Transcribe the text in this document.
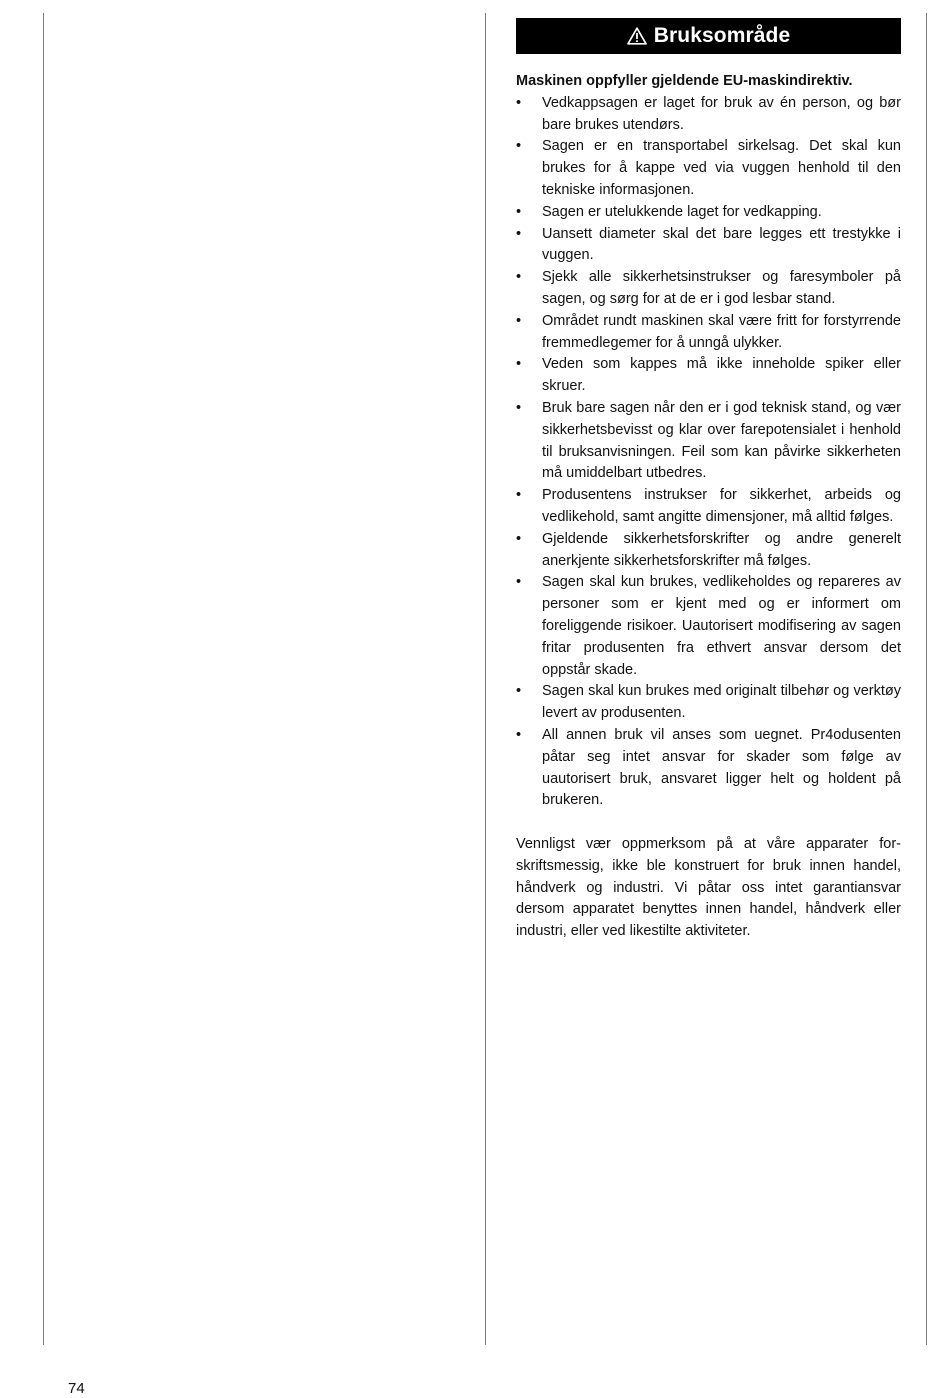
Bruksområde
Maskinen oppfyller gjeldende EU-maskindirektiv.
•	Vedkappsagen er laget for bruk av én person, og bør bare brukes utendørs.
•	Sagen er en transportabel sirkelsag. Det skal kun brukes for å kappe ved via vuggen henhold til den tekniske informasjonen.
•	Sagen er utelukkende laget for vedkapping.
•	Uansett diameter skal det bare legges ett trestykke i vuggen.
•	Sjekk alle sikkerhetsinstrukser og faresymboler på sagen, og sørg for at de er i god lesbar stand.
•	Området rundt maskinen skal være fritt for forstyrrende fremmedlegemer for å unngå ulykker.
•	Veden som kappes må ikke inneholde spiker eller skruer.
•	Bruk bare sagen når den er i god teknisk stand, og vær sikkerhetsbevisst og klar over farepotensialet i henhold til bruksanvisningen. Feil som kan påvirke sikkerheten må umiddelbart utbedres.
•	Produsentens instrukser for sikkerhet, arbeids og vedlikehold, samt angitte dimensjoner, må alltid følges.
•	Gjeldende sikkerhetsforskrifter og andre generelt anerkjente sikkerhetsforskrifter må følges.
•	Sagen skal kun brukes, vedlikeholdes og repareres av personer som er kjent med og er informert om foreliggende risikoer. Uautorisert modifisering av sagen fritar produsenten fra ethvert ansvar dersom det oppstår skade.
•	Sagen skal kun brukes med originalt tilbehør og verktøy levert av produsenten.
•	All annen bruk vil anses som uegnet. Pr4odusenten påtar seg intet ansvar for skader som følge av uautorisert bruk, ansvaret ligger helt og holdent på brukeren.
Vennligst vær oppmerksom på at våre apparater forskriftsmessig, ikke ble konstruert for bruk innen handel, håndverk og industri. Vi påtar oss intet garantiansvar dersom apparatet benyttes innen handel, håndverk eller industri, eller ved likestilte aktiviteter.
74
